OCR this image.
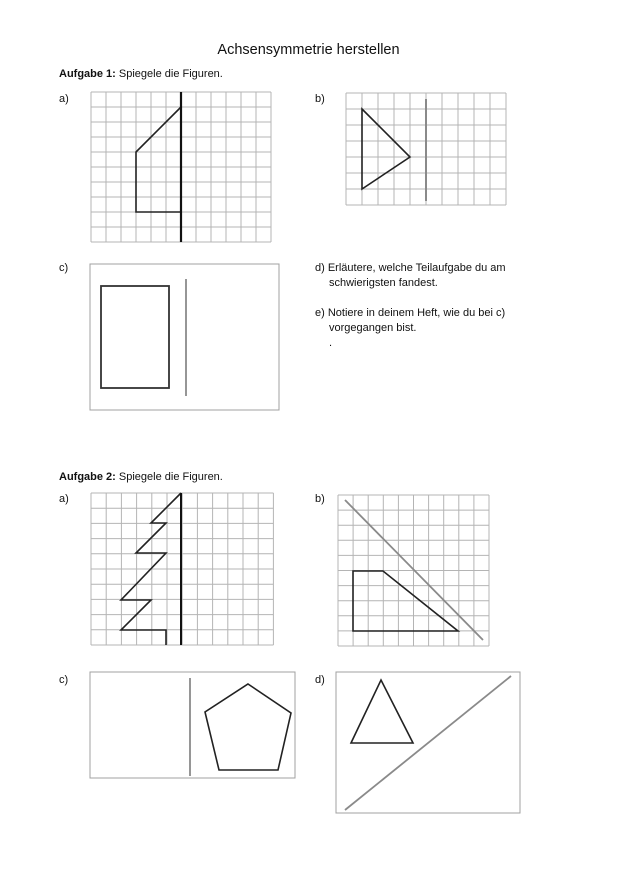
Achsensymmetrie herstellen
Aufgabe 1: Spiegele die Figuren.
a)	b)
c)	d) Erläutere, welche Teilaufgabe du am
schwierigsten fandest.
e) Notiere in deinem Heft, wie du bei c)
vorgegangen bist.
.
Aufgabe 2: Spiegele die Figuren.
a)	b)
c)	d)
